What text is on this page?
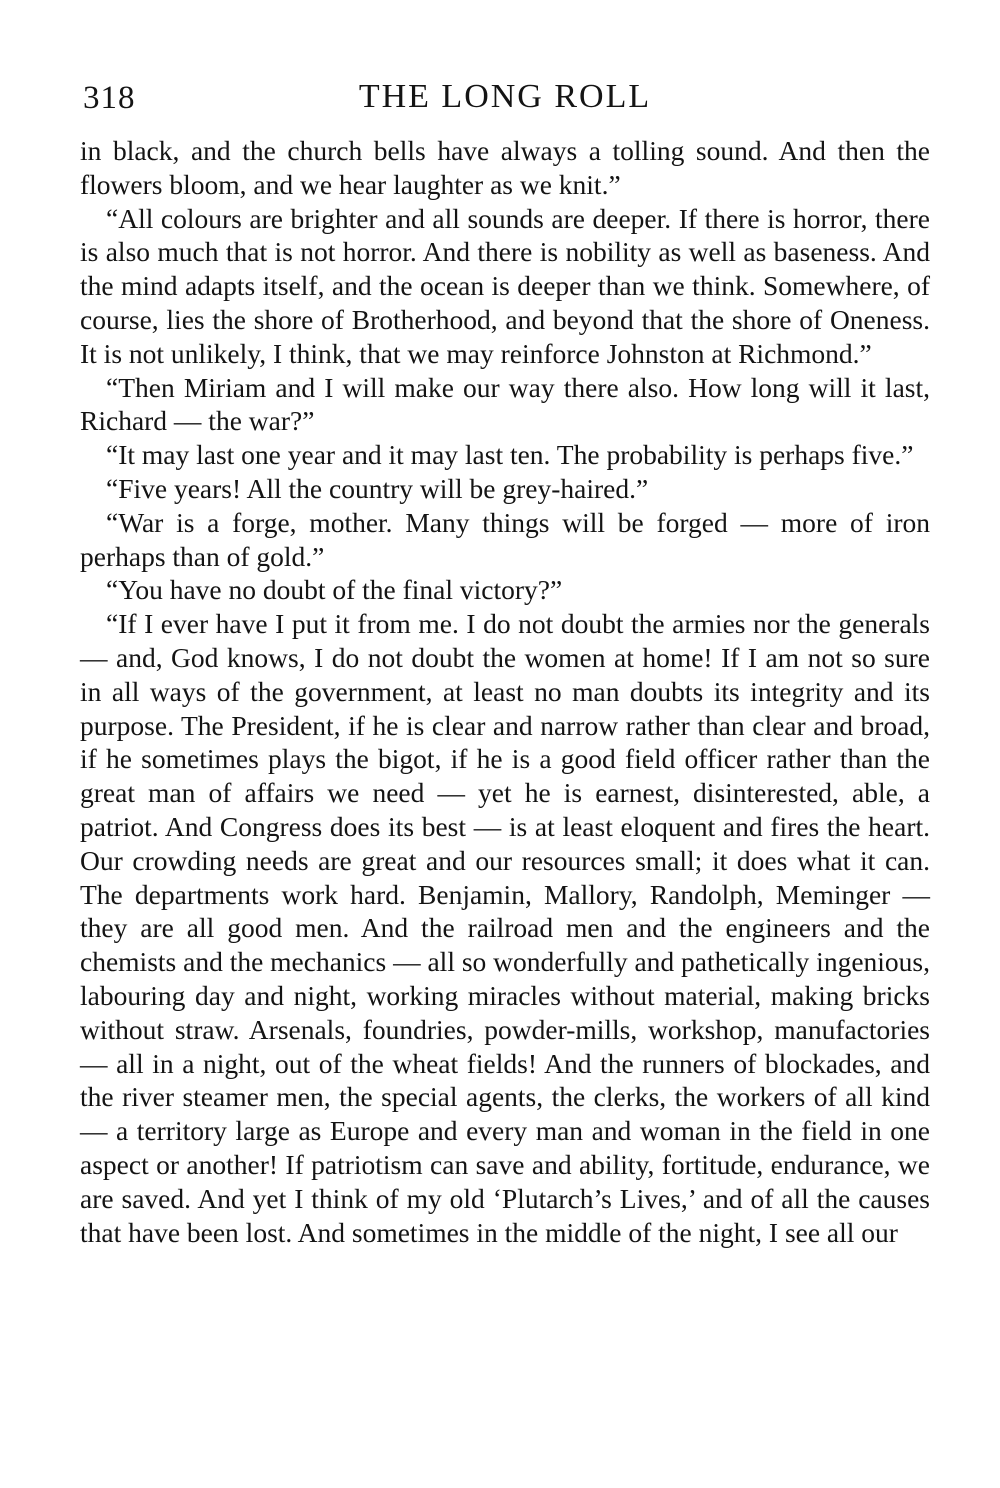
318	THE LONG ROLL

in black, and the church bells have always a tolling sound. And then the flowers bloom, and we hear laughter as we knit.”

“All colours are brighter and all sounds are deeper. If there is horror, there is also much that is not horror. And there is nobility as well as baseness. And the mind adapts itself, and the ocean is deeper than we think. Somewhere, of course, lies the shore of Brotherhood, and beyond that the shore of Oneness. It is not unlikely, I think, that we may reinforce Johnston at Richmond.”

“Then Miriam and I will make our way there also. How long will it last, Richard — the war?”

“It may last one year and it may last ten. The probability is perhaps five.”

“Five years! All the country will be grey-haired.”

“War is a forge, mother. Many things will be forged — more of iron perhaps than of gold.”

“You have no doubt of the final victory?”

“If I ever have I put it from me. I do not doubt the armies nor the generals — and, God knows, I do not doubt the women at home! If I am not so sure in all ways of the government, at least no man doubts its integrity and its purpose. The President, if he is clear and narrow rather than clear and broad, if he sometimes plays the bigot, if he is a good field officer rather than the great man of affairs we need — yet he is earnest, disinterested, able, a patriot. And Congress does its best — is at least eloquent and fires the heart. Our crowding needs are great and our resources small; it does what it can. The departments work hard. Benjamin, Mallory, Randolph, Meminger — they are all good men. And the railroad men and the engineers and the chemists and the mechanics — all so wonderfully and pathetically ingenious, labouring day and night, working miracles without material, making bricks without straw. Arsenals, foundries, powder-mills, workshop, manufactories — all in a night, out of the wheat fields! And the runners of blockades, and the river steamer men, the special agents, the clerks, the workers of all kind — a territory large as Europe and every man and woman in the field in one aspect or another! If patriotism can save and ability, fortitude, endurance, we are saved. And yet I think of my old ‘Plutarch’s Lives,’ and of all the causes that have been lost. And sometimes in the middle of the night, I see all our
